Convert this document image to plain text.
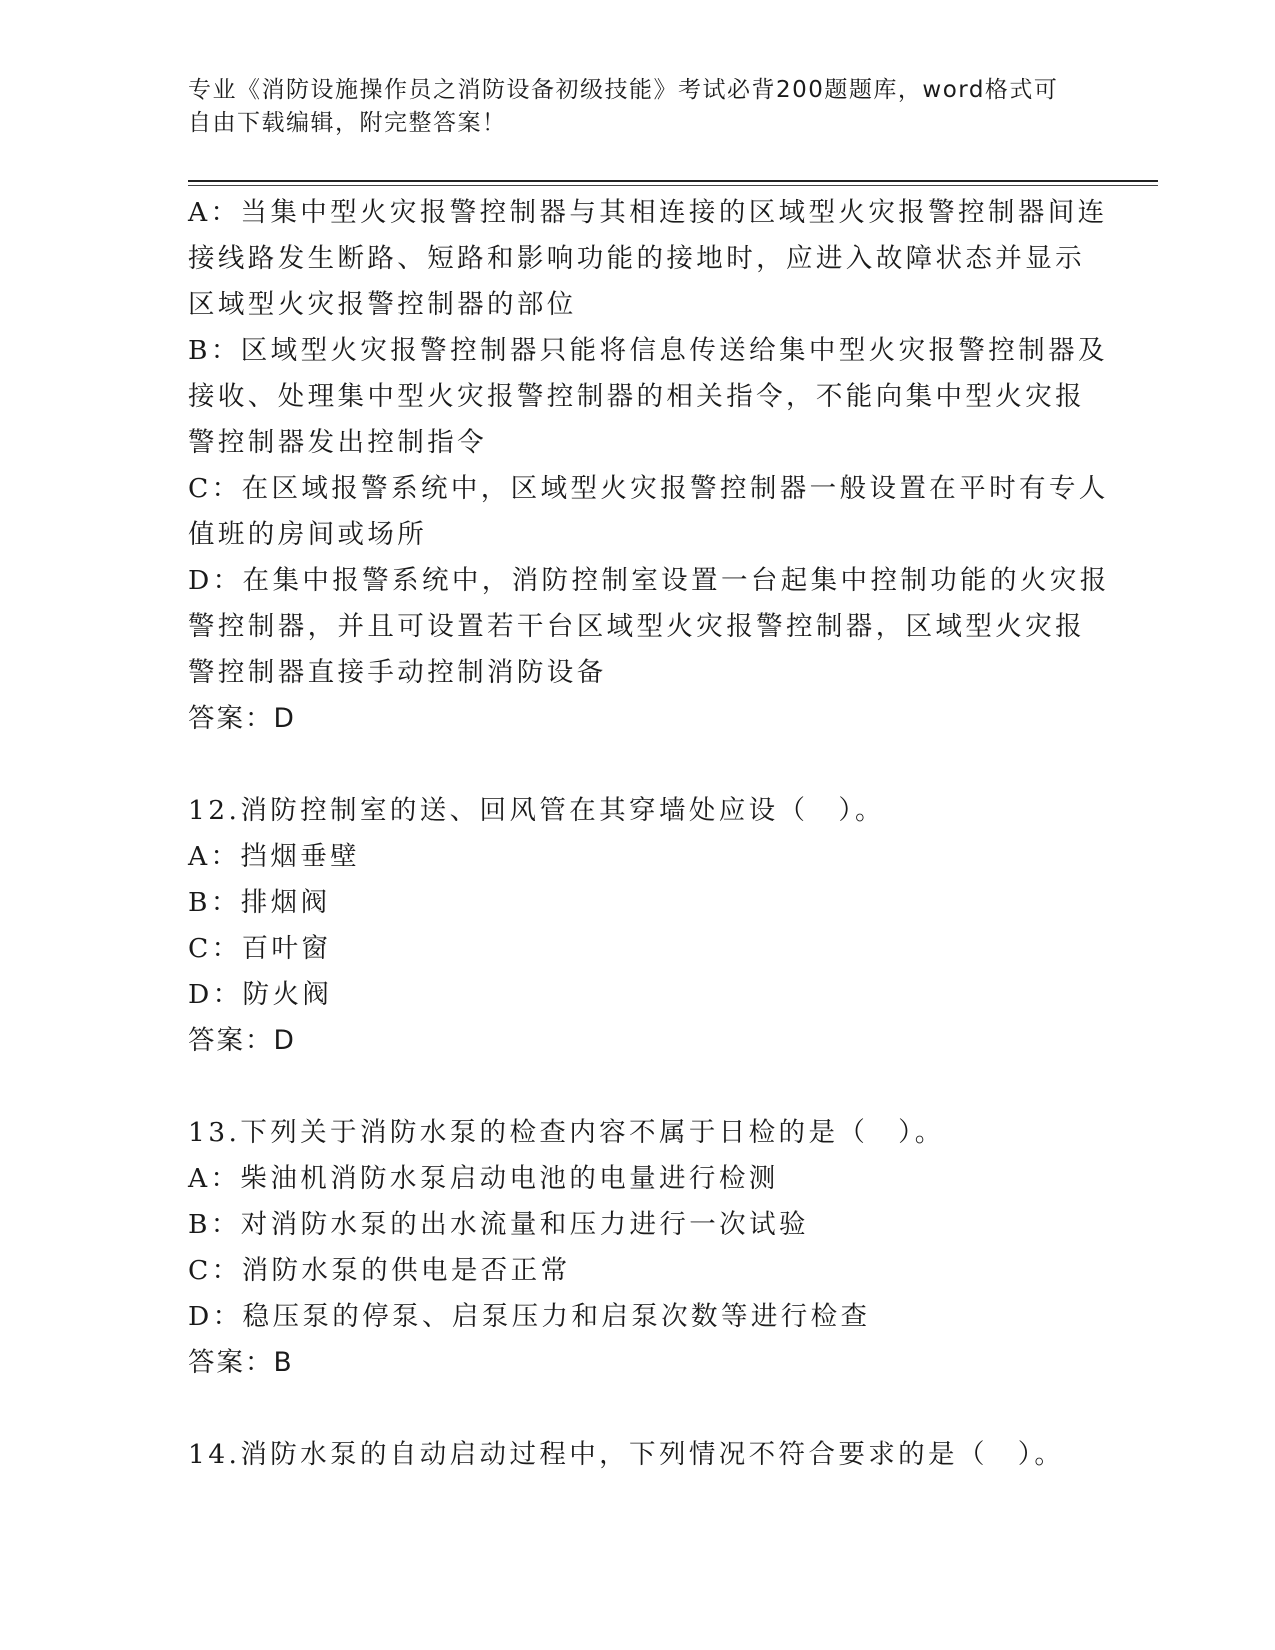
专业《消防设施操作员之消防设备初级技能》考试必背200题题库，word格式可
自由下载编辑，附完整答案！
A：当集中型火灾报警控制器与其相连接的区域型火灾报警控制器间连
接线路发生断路、短路和影响功能的接地时，应进入故障状态并显示
区域型火灾报警控制器的部位
B：区域型火灾报警控制器只能将信息传送给集中型火灾报警控制器及
接收、处理集中型火灾报警控制器的相关指令，不能向集中型火灾报
警控制器发出控制指令
C：在区域报警系统中，区域型火灾报警控制器一般设置在平时有专人
值班的房间或场所
D：在集中报警系统中，消防控制室设置一台起集中控制功能的火灾报
警控制器，并且可设置若干台区域型火灾报警控制器，区域型火灾报
警控制器直接手动控制消防设备
答案：D
12.消防控制室的送、回风管在其穿墙处应设（　）。
A：挡烟垂壁
B：排烟阀
C：百叶窗
D：防火阀
答案：D
13.下列关于消防水泵的检查内容不属于日检的是（　）。
A：柴油机消防水泵启动电池的电量进行检测
B：对消防水泵的出水流量和压力进行一次试验
C：消防水泵的供电是否正常
D：稳压泵的停泵、启泵压力和启泵次数等进行检查
答案：B
14.消防水泵的自动启动过程中，下列情况不符合要求的是（　）。
